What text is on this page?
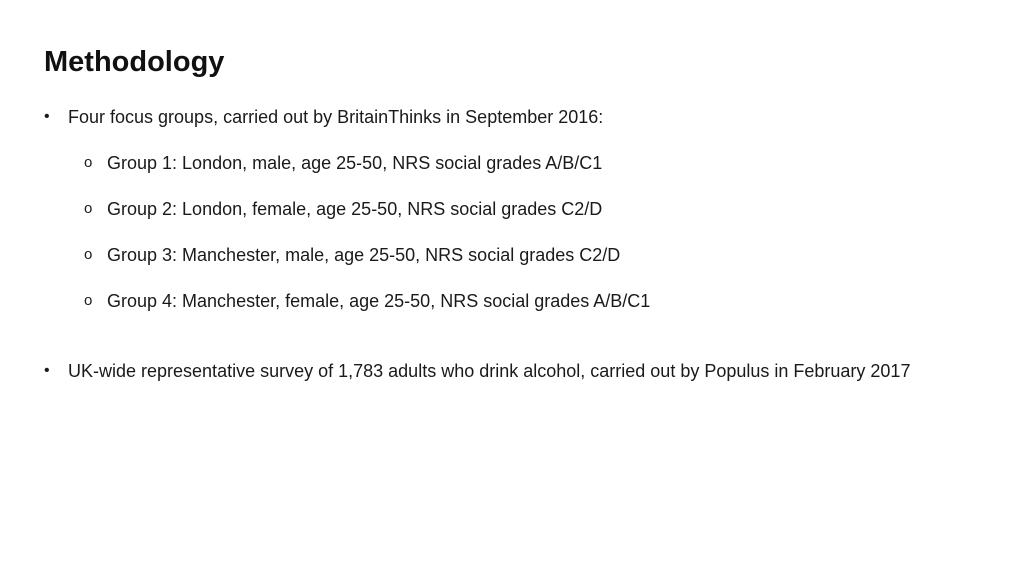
Methodology
• Four focus groups, carried out by BritainThinks in September 2016:
o Group 1: London, male, age 25-50, NRS social grades A/B/C1
o Group 2: London, female, age 25-50, NRS social grades C2/D
o Group 3: Manchester, male, age 25-50, NRS social grades C2/D
o Group 4: Manchester, female, age 25-50, NRS social grades A/B/C1
• UK-wide representative survey of 1,783 adults who drink alcohol, carried out by Populus in February 2017
